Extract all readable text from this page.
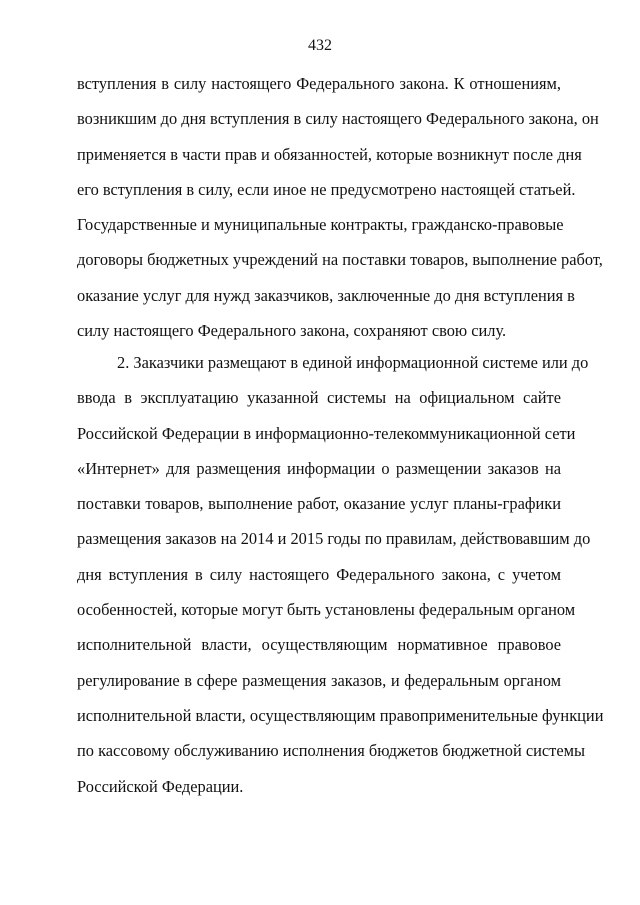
432
вступления в силу настоящего Федерального закона. К отношениям,
возникшим до дня вступления в силу настоящего Федерального закона, он
применяется в части прав и обязанностей, которые возникнут после дня
его вступления в силу, если иное не предусмотрено настоящей статьей.
Государственные и муниципальные контракты, гражданско-правовые
договоры бюджетных учреждений на поставки товаров, выполнение работ,
оказание услуг для нужд заказчиков, заключенные до дня вступления в
силу настоящего Федерального закона, сохраняют свою силу.
2. Заказчики размещают в единой информационной системе или до
ввода в эксплуатацию указанной системы на официальном сайте
Российской Федерации в информационно-телекоммуникационной сети
«Интернет» для размещения информации о размещении заказов на
поставки товаров, выполнение работ, оказание услуг планы-графики
размещения заказов на 2014 и 2015 годы по правилам, действовавшим до
дня вступления в силу настоящего Федерального закона, с учетом
особенностей, которые могут быть установлены федеральным органом
исполнительной власти, осуществляющим нормативное правовое
регулирование в сфере размещения заказов, и федеральным органом
исполнительной власти, осуществляющим правоприменительные функции
по кассовому обслуживанию исполнения бюджетов бюджетной системы
Российской Федерации.
